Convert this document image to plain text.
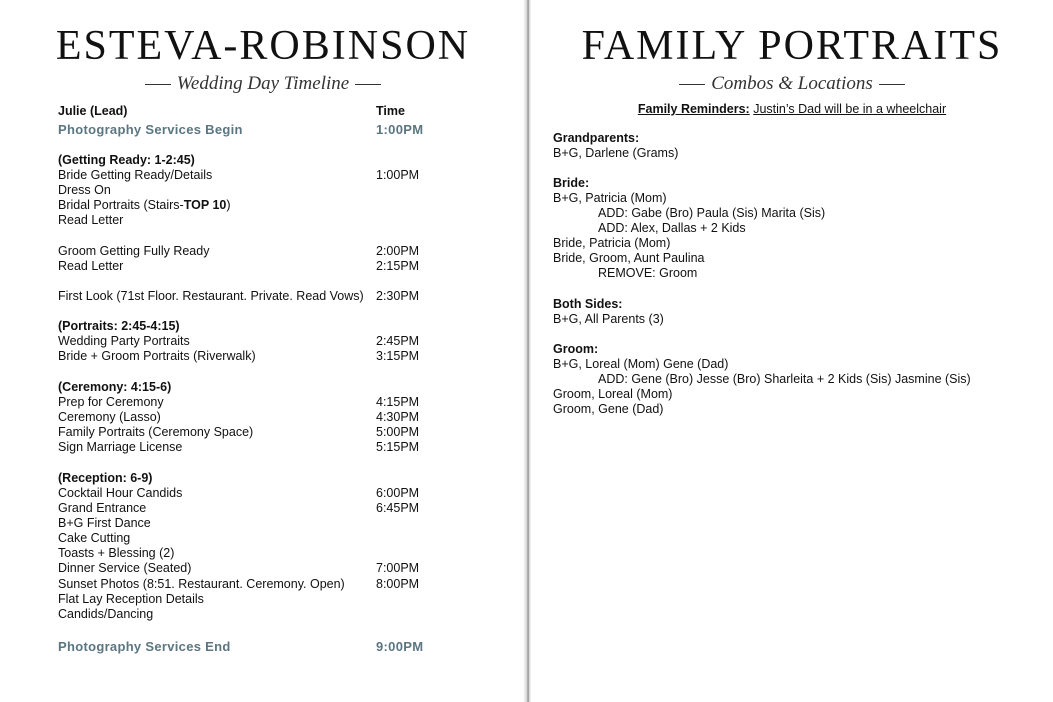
ESTEVA-ROBINSON
Wedding Day Timeline
Julie (Lead)	Time
Photography Services Begin	1:00PM
(Getting Ready: 1-2:45)
Bride Getting Ready/Details	1:00PM
Dress On
Bridal Portraits (Stairs-TOP 10)
Read Letter
Groom Getting Fully Ready	2:00PM
Read Letter	2:15PM
First Look (71st Floor. Restaurant. Private. Read Vows) 2:30PM
(Portraits: 2:45-4:15)
Wedding Party Portraits	2:45PM
Bride + Groom Portraits (Riverwalk)	3:15PM
(Ceremony: 4:15-6)
Prep for Ceremony	4:15PM
Ceremony (Lasso)	4:30PM
Family Portraits (Ceremony Space)	5:00PM
Sign Marriage License	5:15PM
(Reception: 6-9)
Cocktail Hour Candids	6:00PM
Grand Entrance	6:45PM
B+G First Dance
Cake Cutting
Toasts + Blessing (2)
Dinner Service (Seated)	7:00PM
Sunset Photos (8:51. Restaurant. Ceremony. Open)	8:00PM
Flat Lay Reception Details
Candids/Dancing
Photography Services End	9:00PM
FAMILY PORTRAITS
Combos & Locations
Family Reminders: Justin’s Dad will be in a wheelchair
Grandparents:
B+G, Darlene (Grams)
Bride:
B+G, Patricia (Mom)
ADD: Gabe (Bro) Paula (Sis) Marita (Sis)
ADD: Alex, Dallas + 2 Kids
Bride, Patricia (Mom)
Bride, Groom, Aunt Paulina
REMOVE: Groom
Both Sides:
B+G, All Parents (3)
Groom:
B+G, Loreal (Mom) Gene (Dad)
ADD: Gene (Bro) Jesse (Bro) Sharleita + 2 Kids (Sis) Jasmine (Sis)
Groom, Loreal (Mom)
Groom, Gene (Dad)
